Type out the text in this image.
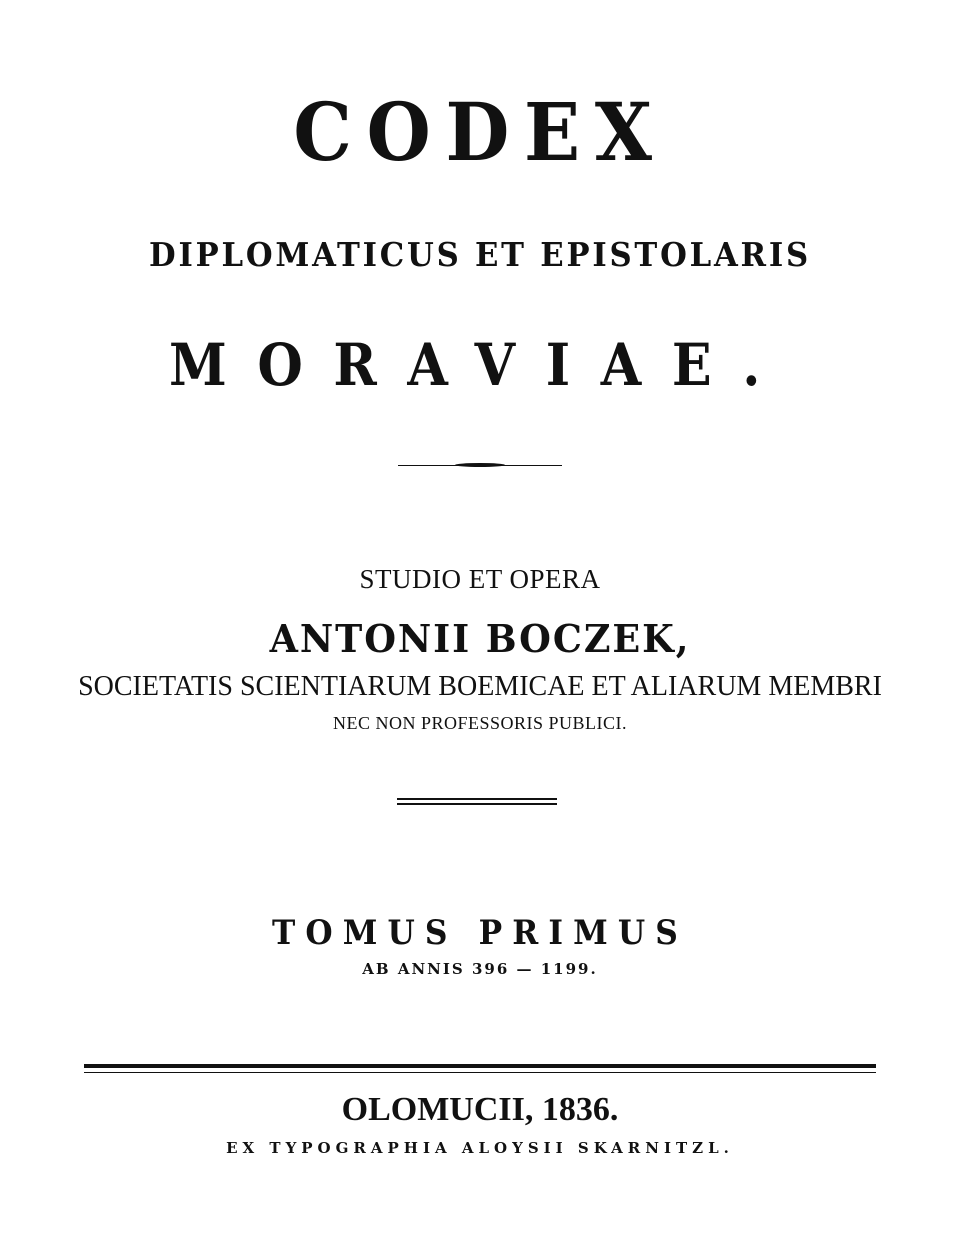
CODEX
DIPLOMATICUS ET EPISTOLARIS
MORAVIAE.
STUDIO ET OPERA
ANTONII BOCZEK,
SOCIETATIS SCIENTIARUM BOEMICAE ET ALIARUM MEMBRI
NEC NON PROFESSORIS PUBLICI.
TOMUS PRIMUS
AB ANNIS 396 — 1199.
OLOMUCII, 1836.
EX TYPOGRAPHIA ALOYSII SKARNITZL.
